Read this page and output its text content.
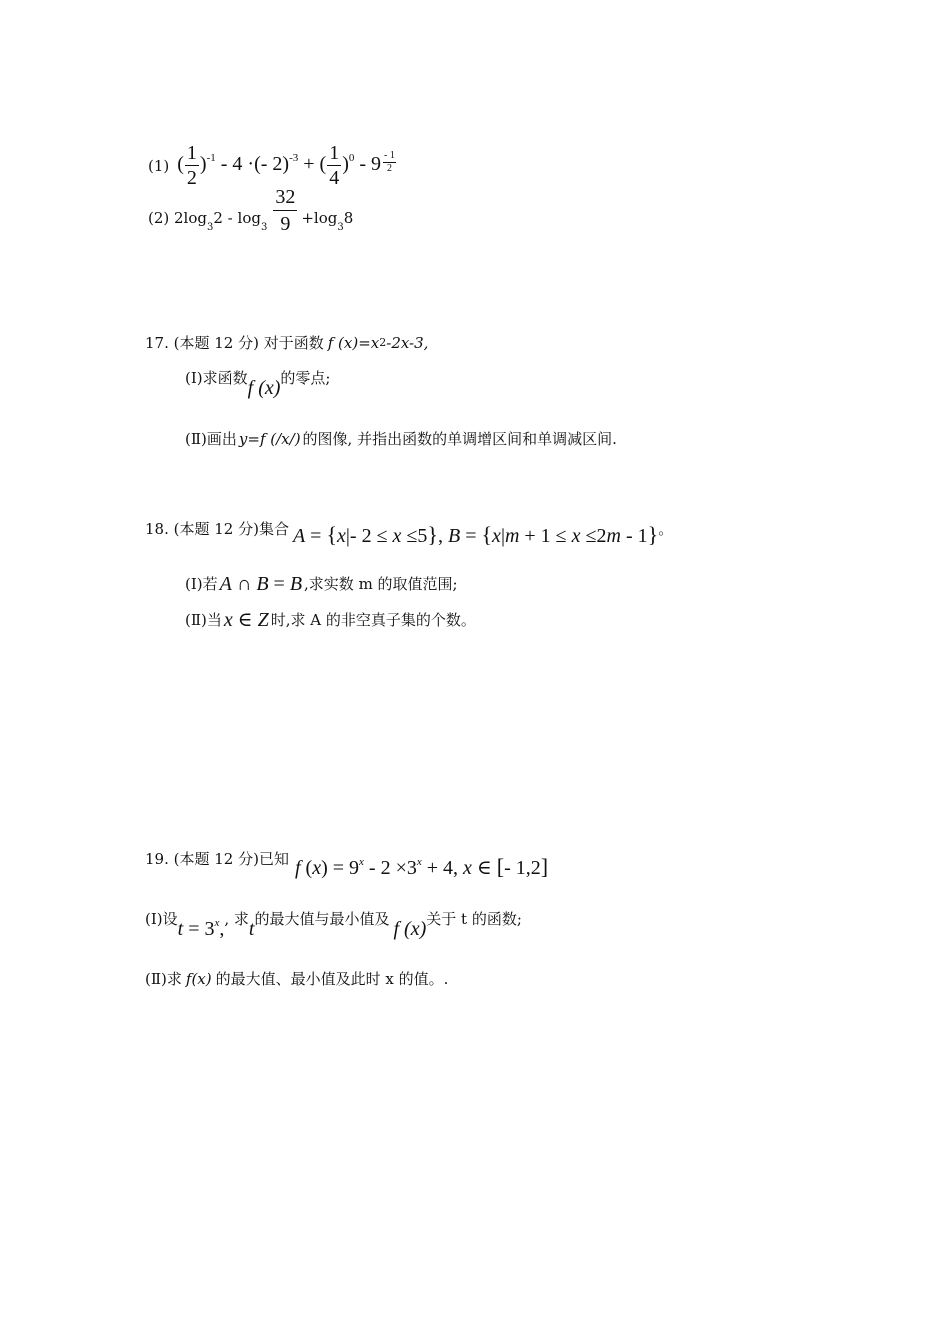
(1) ( $\frac{1}{2} )^{-1} - 4$ ·(- 2)$^{-3}$ + ( $\frac{1}{4} )^0 - 9 \frac{- 1}{2}$
(2) 2log
$_3$
2 - log
$_3 \frac{32}{9} +\log$
$_3$
8
17. (本题 12 分) 对于函数 f (x)=x 2 -2x-3,
(Ⅰ)求函数 f (x) 的零点;
(Ⅱ)画出 y=f (/x/) 的图像, 并指出函数的单调增区间和单调减区间.
18. (本题 12 分)集合 A = {x|- 2 ≤ x ≤5}, B = {x|m + 1 ≤ x ≤2m - 1} 。
(Ⅰ)若 A ∩ B = B ,求实数 m 的取值范围;
(Ⅱ)当 x ∈ Z 时,求 A 的非空真子集的个数。
19. (本题 12 分)已知 f $(x) = 9^x - 2 \times 3^x + 4$, x ∈ [- 1,2]
(Ⅰ)设 $t = 3^x$, , 求 t 的最大值与最小值及 f (x) 关于 t 的函数;
(Ⅱ)求 f(x) 的最大值、最小值及此时 x 的值。.
